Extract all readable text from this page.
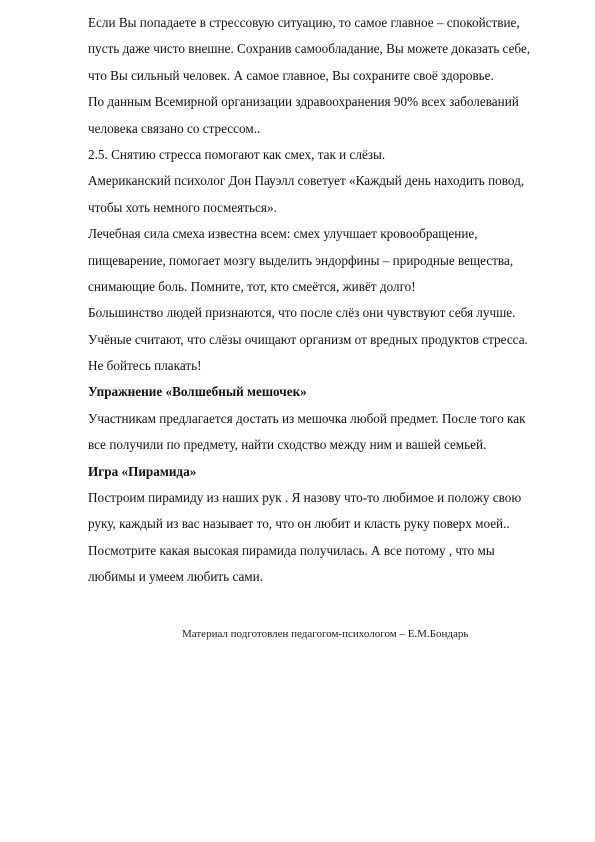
Если Вы попадаете в стрессовую ситуацию, то самое главное – спокойствие,
пусть даже чисто внешне. Сохранив самообладание, Вы можете доказать себе,
что Вы сильный человек. А самое главное, Вы сохраните своё здоровье.
По данным Всемирной организации здравоохранения 90% всех заболеваний
человека связано со стрессом..
2.5. Снятию стресса помогают как смех, так и слёзы.
Американский психолог Дон Пауэлл советует «Каждый день находить повод,
чтобы хоть немного посмеяться».
Лечебная сила смеха известна всем: смех улучшает кровообращение,
пищеварение, помогает мозгу выделить эндорфины – природные вещества,
снимающие боль. Помните, тот, кто смеётся, живёт долго!
Большинство людей признаются, что после слёз они чувствуют себя лучше.
Учёные считают, что слёзы очищают организм от вредных продуктов стресса.
Не бойтесь плакать!
Упражнение «Волшебный мешочек»
Участникам предлагается достать из мешочка любой предмет. После того как
все получили по предмету, найти сходство между ним и вашей семьей.
Игра «Пирамида»
Построим пирамиду из наших рук . Я назову что-то любимое и положу свою
руку, каждый из вас называет то, что он любит и класть руку поверх моей..
Посмотрите какая высокая пирамида получилась. А все потому , что мы
любимы и умеем любить сами.
Материал подготовлен педагогом-психологом – Е.М.Бондарь
